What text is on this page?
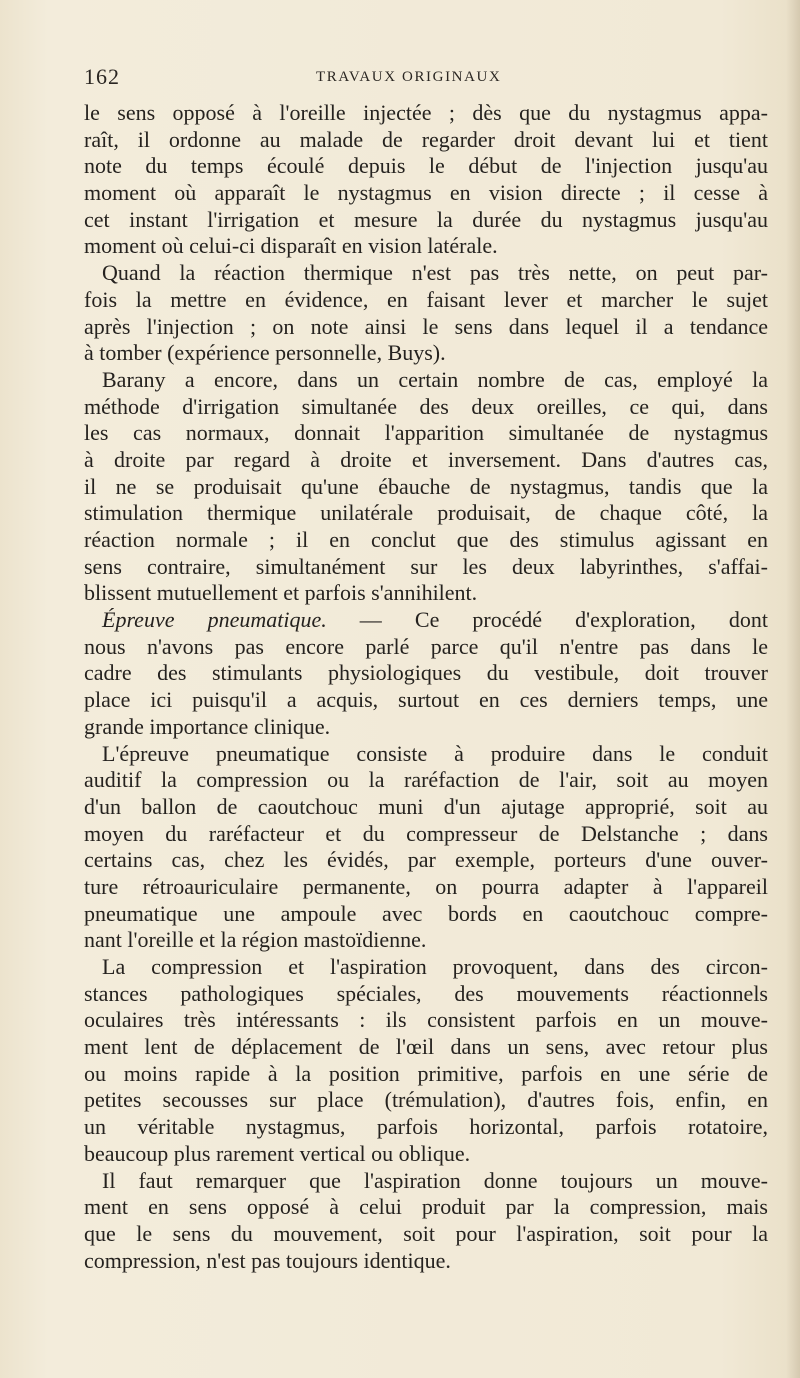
162	TRAVAUX ORIGINAUX
le sens opposé à l'oreille injectée ; dès que du nystagmus appa-
raît, il ordonne au malade de regarder droit devant lui et tient
note du temps écoulé depuis le début de l'injection jusqu'au
moment où apparaît le nystagmus en vision directe ; il cesse à
cet instant l'irrigation et mesure la durée du nystagmus jusqu'au
moment où celui-ci disparaît en vision latérale.
Quand la réaction thermique n'est pas très nette, on peut par-
fois la mettre en évidence, en faisant lever et marcher le sujet
après l'injection ; on note ainsi le sens dans lequel il a tendance
à tomber (expérience personnelle, Buys).
Barany a encore, dans un certain nombre de cas, employé la
méthode d'irrigation simultanée des deux oreilles, ce qui, dans
les cas normaux, donnait l'apparition simultanée de nystagmus
à droite par regard à droite et inversement. Dans d'autres cas,
il ne se produisait qu'une ébauche de nystagmus, tandis que la
stimulation thermique unilatérale produisait, de chaque côté, la
réaction normale ; il en conclut que des stimulus agissant en
sens contraire, simultanément sur les deux labyrinthes, s'affai-
blissent mutuellement et parfois s'annihilent.
Épreuve pneumatique. — Ce procédé d'exploration, dont
nous n'avons pas encore parlé parce qu'il n'entre pas dans le
cadre des stimulants physiologiques du vestibule, doit trouver
place ici puisqu'il a acquis, surtout en ces derniers temps, une
grande importance clinique.
L'épreuve pneumatique consiste à produire dans le conduit
auditif la compression ou la raréfaction de l'air, soit au moyen
d'un ballon de caoutchouc muni d'un ajutage approprié, soit au
moyen du raréfacteur et du compresseur de Delstanche ; dans
certains cas, chez les évidés, par exemple, porteurs d'une ouver-
ture rétroauriculaire permanente, on pourra adapter à l'appareil
pneumatique une ampoule avec bords en caoutchouc compre-
nant l'oreille et la région mastoïdienne.
La compression et l'aspiration provoquent, dans des circon-
stances pathologiques spéciales, des mouvements réactionnels
oculaires très intéressants : ils consistent parfois en un mouve-
ment lent de déplacement de l'œil dans un sens, avec retour plus
ou moins rapide à la position primitive, parfois en une série de
petites secousses sur place (trémulation), d'autres fois, enfin, en
un véritable nystagmus, parfois horizontal, parfois rotatoire,
beaucoup plus rarement vertical ou oblique.
Il faut remarquer que l'aspiration donne toujours un mouve-
ment en sens opposé à celui produit par la compression, mais
que le sens du mouvement, soit pour l'aspiration, soit pour la
compression, n'est pas toujours identique.
